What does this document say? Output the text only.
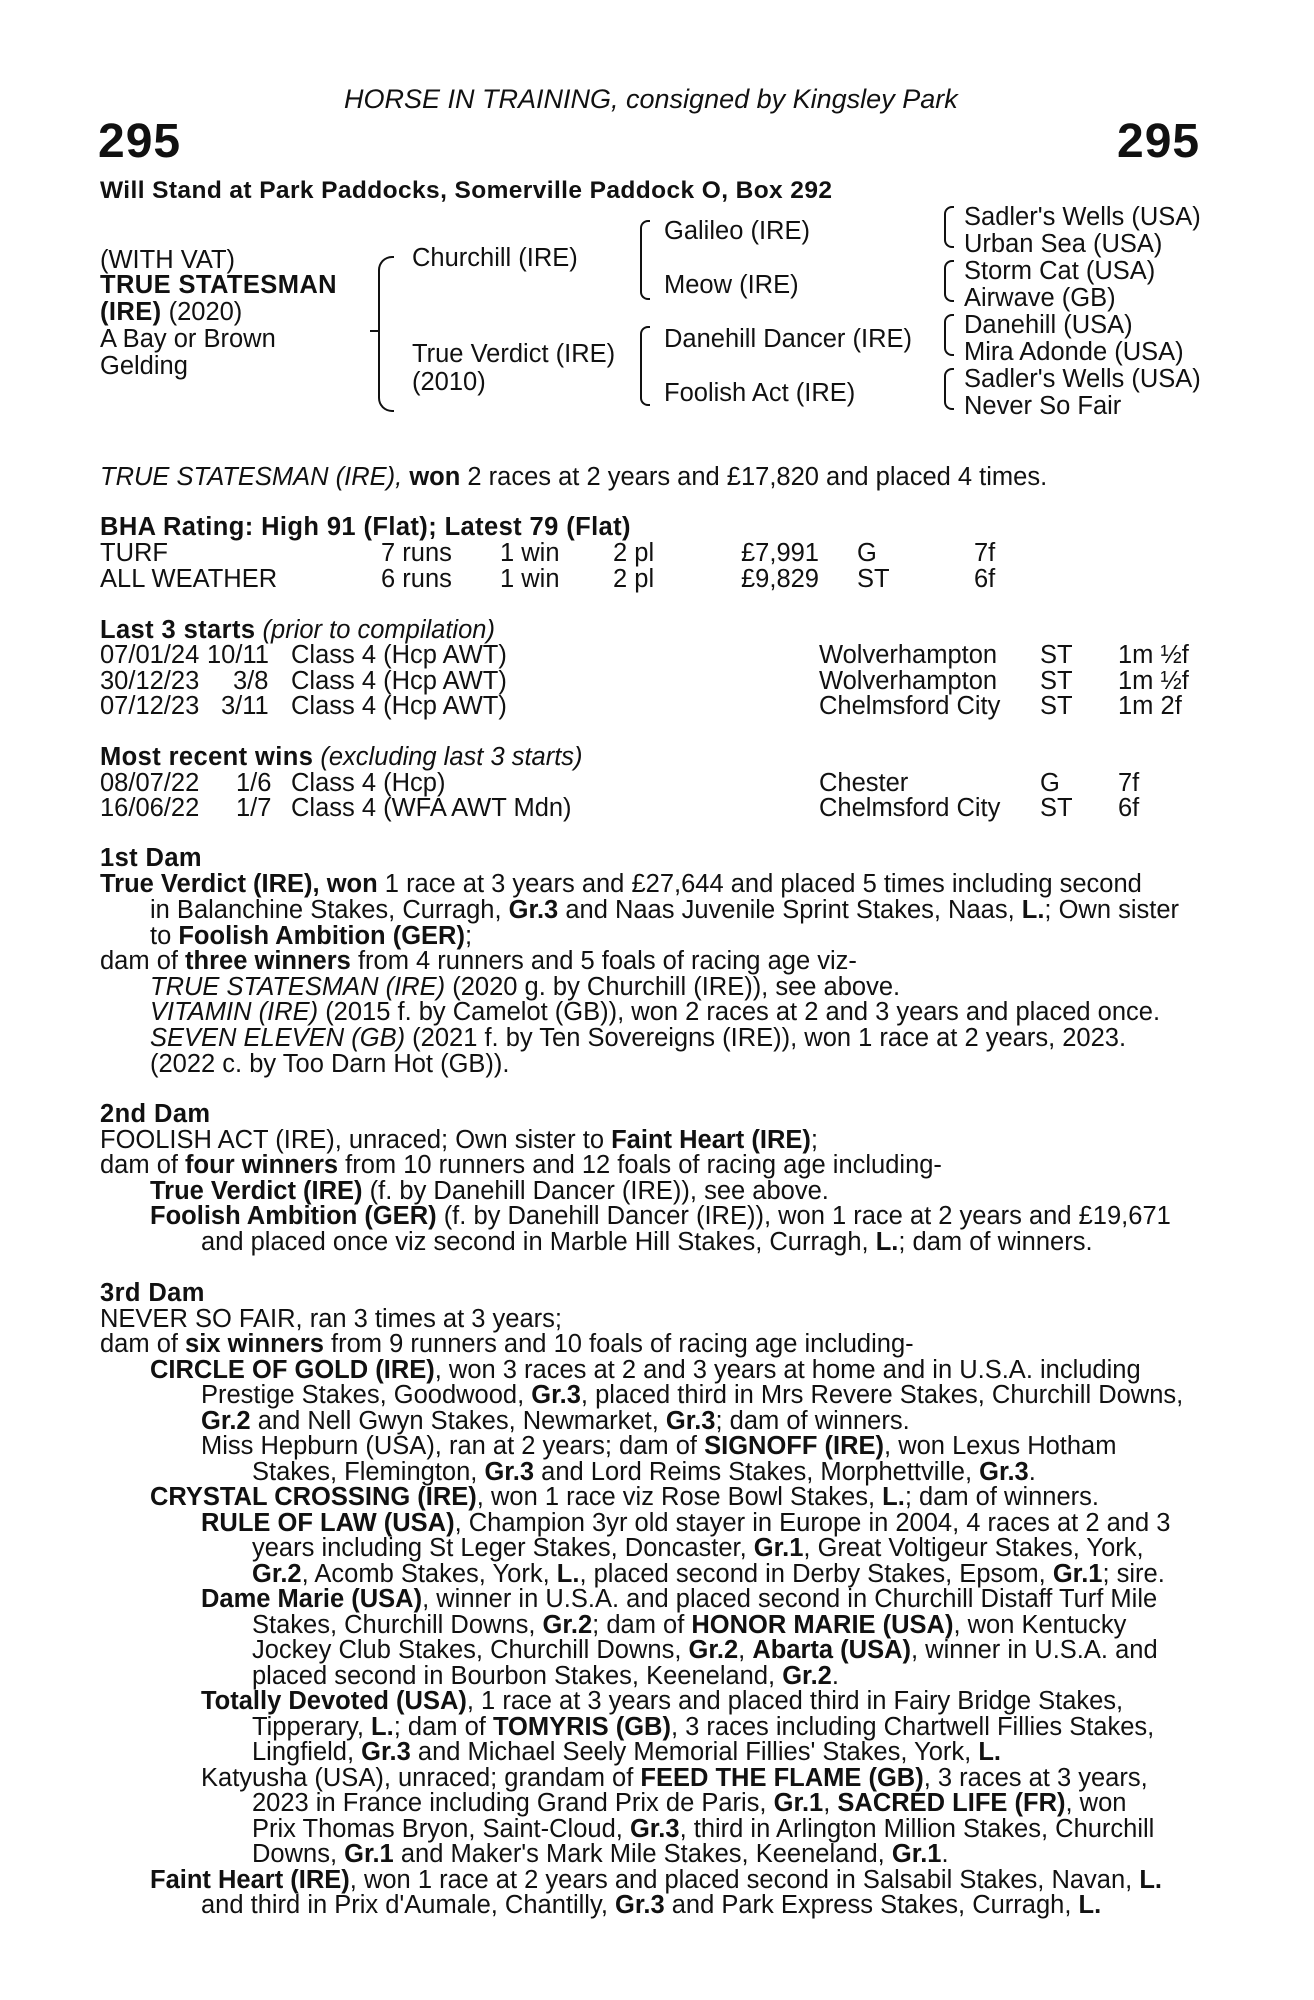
HORSE IN TRAINING, consigned by Kingsley Park
295	295
Will Stand at Park Paddocks, Somerville Paddock O, Box 292
(WITH VAT)
TRUE STATESMAN
(IRE) (2020)
A Bay or Brown
Gelding
Churchill (IRE)
True Verdict (IRE)
(2010)
Galileo (IRE)
Meow (IRE)
Danehill Dancer (IRE)
Foolish Act (IRE)
Sadler's Wells (USA)
Urban Sea (USA)
Storm Cat (USA)
Airwave (GB)
Danehill (USA)
Mira Adonde (USA)
Sadler's Wells (USA)
Never So Fair
TRUE STATESMAN (IRE), won 2 races at 2 years and £17,820 and placed 4 times.
BHA Rating: High 91 (Flat); Latest 79 (Flat)
TURF	7 runs 1 win 2 pl	£7,991 G	7f
ALL WEATHER	6 runs 1 win 2 pl	£9,829 ST	6f
Last 3 starts (prior to compilation)
07/01/24 10/11 Class 4 (Hcp AWT)	Wolverhampton ST 1m ½f
30/12/23 3/8 Class 4 (Hcp AWT)	Wolverhampton ST 1m ½f
07/12/23 3/11 Class 4 (Hcp AWT)	Chelmsford City ST 1m 2f
Most recent wins (excluding last 3 starts)
08/07/22 1/6 Class 4 (Hcp)	Chester	G 7f
16/06/22 1/7 Class 4 (WFA AWT Mdn)	Chelmsford City ST 6f
1st Dam
True Verdict (IRE), won 1 race at 3 years and £27,644 and placed 5 times including second
in Balanchine Stakes, Curragh, Gr.3 and Naas Juvenile Sprint Stakes, Naas, L.; Own sister
to Foolish Ambition (GER);
dam of three winners from 4 runners and 5 foals of racing age viz-
TRUE STATESMAN (IRE) (2020 g. by Churchill (IRE)), see above.
VITAMIN (IRE) (2015 f. by Camelot (GB)), won 2 races at 2 and 3 years and placed once.
SEVEN ELEVEN (GB) (2021 f. by Ten Sovereigns (IRE)), won 1 race at 2 years, 2023.
(2022 c. by Too Darn Hot (GB)).
2nd Dam
FOOLISH ACT (IRE), unraced; Own sister to Faint Heart (IRE);
dam of four winners from 10 runners and 12 foals of racing age including-
True Verdict (IRE) (f. by Danehill Dancer (IRE)), see above.
Foolish Ambition (GER) (f. by Danehill Dancer (IRE)), won 1 race at 2 years and £19,671
and placed once viz second in Marble Hill Stakes, Curragh, L.; dam of winners.
3rd Dam
NEVER SO FAIR, ran 3 times at 3 years;
dam of six winners from 9 runners and 10 foals of racing age including-
CIRCLE OF GOLD (IRE), won 3 races at 2 and 3 years at home and in U.S.A. including
Prestige Stakes, Goodwood, Gr.3, placed third in Mrs Revere Stakes, Churchill Downs,
Gr.2 and Nell Gwyn Stakes, Newmarket, Gr.3; dam of winners.
Miss Hepburn (USA), ran at 2 years; dam of SIGNOFF (IRE), won Lexus Hotham
Stakes, Flemington, Gr.3 and Lord Reims Stakes, Morphettville, Gr.3.
CRYSTAL CROSSING (IRE), won 1 race viz Rose Bowl Stakes, L.; dam of winners.
RULE OF LAW (USA), Champion 3yr old stayer in Europe in 2004, 4 races at 2 and 3
years including St Leger Stakes, Doncaster, Gr.1, Great Voltigeur Stakes, York,
Gr.2, Acomb Stakes, York, L., placed second in Derby Stakes, Epsom, Gr.1; sire.
Dame Marie (USA), winner in U.S.A. and placed second in Churchill Distaff Turf Mile
Stakes, Churchill Downs, Gr.2; dam of HONOR MARIE (USA), won Kentucky
Jockey Club Stakes, Churchill Downs, Gr.2, Abarta (USA), winner in U.S.A. and
placed second in Bourbon Stakes, Keeneland, Gr.2.
Totally Devoted (USA), 1 race at 3 years and placed third in Fairy Bridge Stakes,
Tipperary, L.; dam of TOMYRIS (GB), 3 races including Chartwell Fillies Stakes,
Lingfield, Gr.3 and Michael Seely Memorial Fillies' Stakes, York, L.
Katyusha (USA), unraced; grandam of FEED THE FLAME (GB), 3 races at 3 years,
2023 in France including Grand Prix de Paris, Gr.1, SACRED LIFE (FR), won
Prix Thomas Bryon, Saint-Cloud, Gr.3, third in Arlington Million Stakes, Churchill
Downs, Gr.1 and Maker's Mark Mile Stakes, Keeneland, Gr.1.
Faint Heart (IRE), won 1 race at 2 years and placed second in Salsabil Stakes, Navan, L.
and third in Prix d'Aumale, Chantilly, Gr.3 and Park Express Stakes, Curragh, L.
